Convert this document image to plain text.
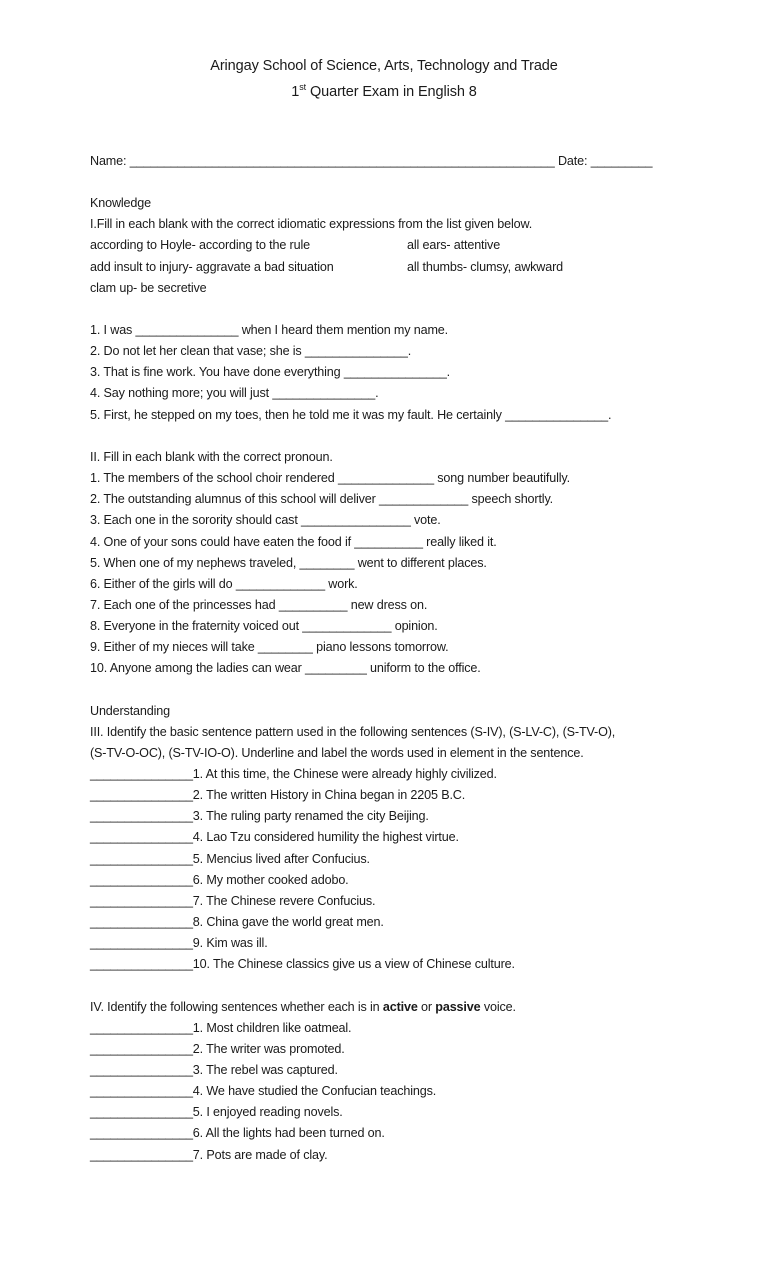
Aringay School of Science, Arts, Technology and Trade
1st Quarter Exam in English 8
Name: ______________________________________________________________ Date: _________
Knowledge
I.Fill in each blank with the correct idiomatic expressions from the list given below.
according to Hoyle- according to the rule	all ears- attentive
add insult to injury- aggravate a bad situation	all thumbs- clumsy, awkward
clam up- be secretive
1. I was _______________ when I heard them mention my name.
2. Do not let her clean that vase; she is _______________.
3. That is fine work. You have done everything _______________.
4. Say nothing more; you will just _______________.
5. First, he stepped on my toes, then he told me it was my fault. He certainly _______________.
II. Fill in each blank with the correct pronoun.
1. The members of the school choir rendered ______________ song number beautifully.
2. The outstanding alumnus of this school will deliver _____________ speech shortly.
3. Each one in the sorority should cast ________________ vote.
4. One of your sons could have eaten the food if __________ really liked it.
5. When one of my nephews traveled, ________ went to different places.
6. Either of the girls will do _____________ work.
7. Each one of the princesses had __________ new dress on.
8. Everyone in the fraternity voiced out _____________ opinion.
9. Either of my nieces will take ________ piano lessons tomorrow.
10. Anyone among the ladies can wear _________ uniform to the office.
Understanding
III. Identify the basic sentence pattern used in the following sentences (S-IV), (S-LV-C), (S-TV-O),
(S-TV-O-OC), (S-TV-IO-O). Underline and label the words used in element in the sentence.
_______________1. At this time, the Chinese were already highly civilized.
_______________2. The written History in China began in 2205 B.C.
_______________3. The ruling party renamed the city Beijing.
_______________4. Lao Tzu considered humility the highest virtue.
_______________5. Mencius lived after Confucius.
_______________6. My mother cooked adobo.
_______________7. The Chinese revere Confucius.
_______________8. China gave the world great men.
_______________9. Kim was ill.
_______________10. The Chinese classics give us a view of Chinese culture.
IV. Identify the following sentences whether each is in active or passive voice.
_______________1. Most children like oatmeal.
_______________2. The writer was promoted.
_______________3. The rebel was captured.
_______________4. We have studied the Confucian teachings.
_______________5. I enjoyed reading novels.
_______________6. All the lights had been turned on.
_______________7. Pots are made of clay.
